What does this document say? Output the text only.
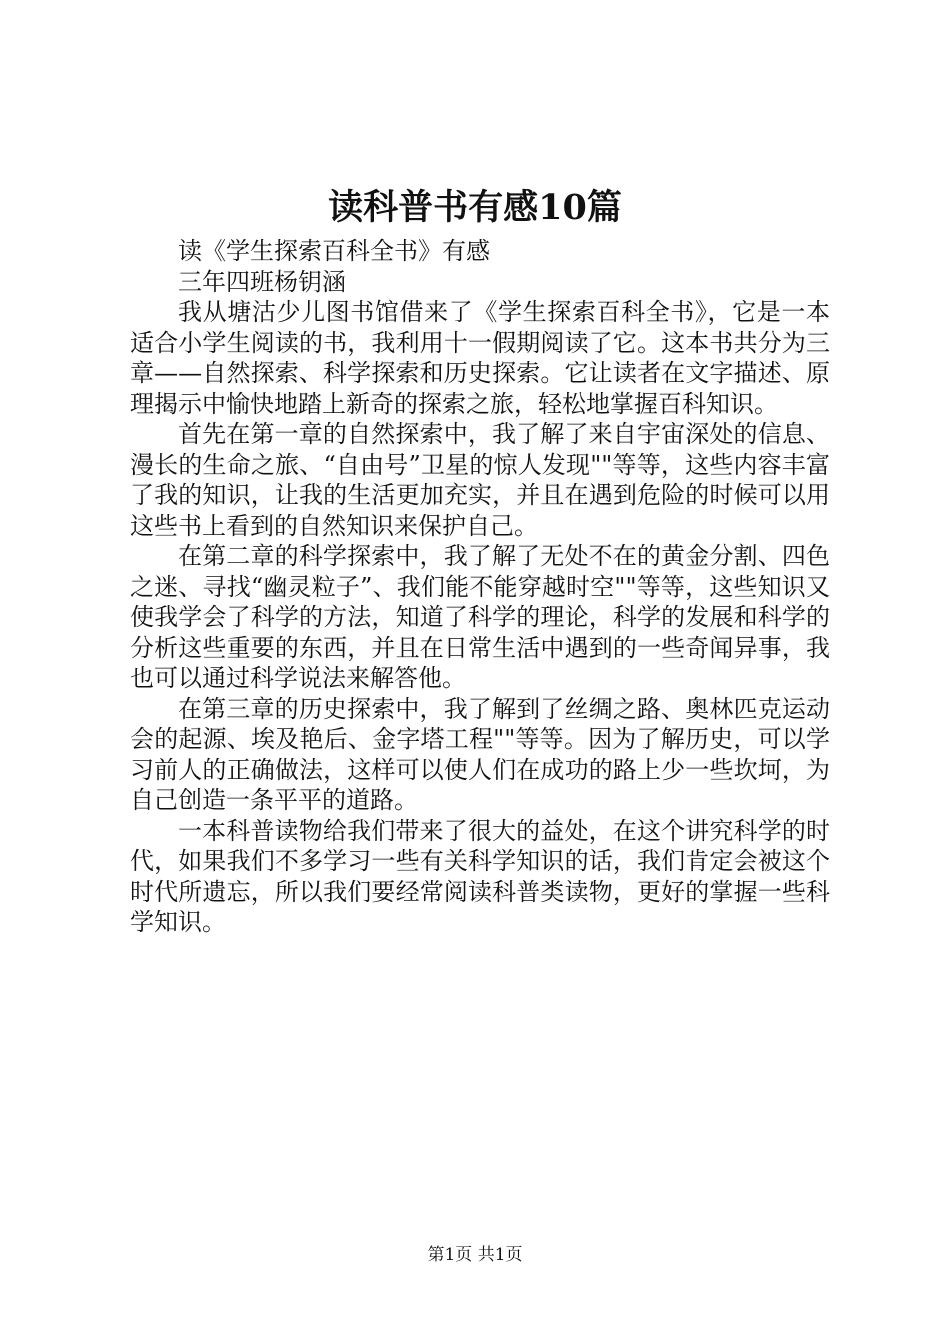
读科普书有感10篇

读《学生探索百科全书》有感

三年四班杨钥涵

我从塘沽少儿图书馆借来了《学生探索百科全书》，它是一本适合小学生阅读的书，我利用十一假期阅读了它。这本书共分为三章——自然探索、科学探索和历史探索。它让读者在文字描述、原理揭示中愉快地踏上新奇的探索之旅，轻松地掌握百科知识。

首先在第一章的自然探索中，我了解了来自宇宙深处的信息、漫长的生命之旅、“自由号”卫星的惊人发现""等等，这些内容丰富了我的知识，让我的生活更加充实，并且在遇到危险的时候可以用这些书上看到的自然知识来保护自己。

在第二章的科学探索中，我了解了无处不在的黄金分割、四色之迷、寻找“幽灵粒子”、我们能不能穿越时空""等等，这些知识又使我学会了科学的方法，知道了科学的理论，科学的发展和科学的分析这些重要的东西，并且在日常生活中遇到的一些奇闻异事，我也可以通过科学说法来解答他。

在第三章的历史探索中，我了解到了丝绸之路、奥林匹克运动会的起源、埃及艳后、金字塔工程""等等。因为了解历史，可以学习前人的正确做法，这样可以使人们在成功的路上少一些坎坷，为自己创造一条平平的道路。

一本科普读物给我们带来了很大的益处，在这个讲究科学的时代，如果我们不多学习一些有关科学知识的话，我们肯定会被这个时代所遗忘，所以我们要经常阅读科普类读物，更好的掌握一些科学知识。

第1页 共1页
